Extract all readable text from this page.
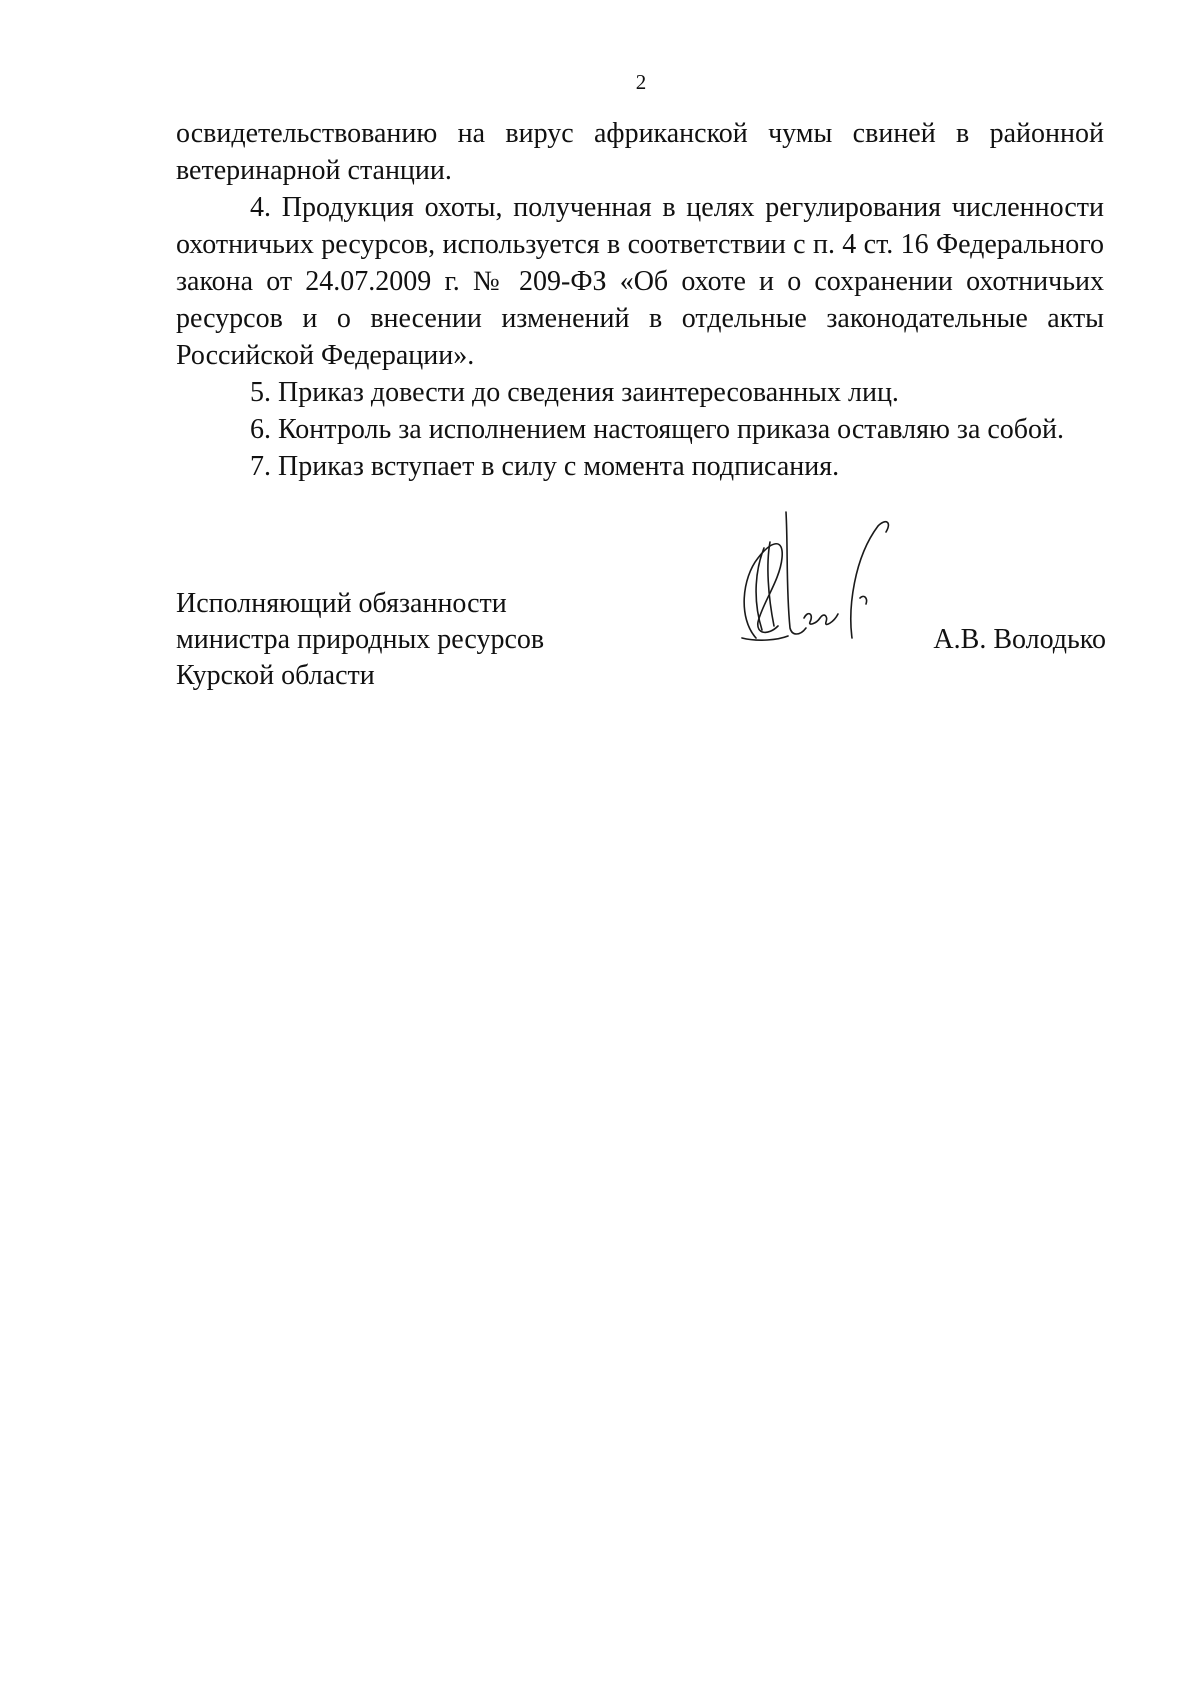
2

освидетельствованию на вирус африканской чумы свиней в районной ветеринарной станции.

4. Продукция охоты, полученная в целях регулирования численности охотничьих ресурсов, используется в соответствии с п. 4 ст. 16 Федерального закона от 24.07.2009 г. № 209-ФЗ «Об охоте и о сохранении охотничьих ресурсов и о внесении изменений в отдельные законодательные акты Российской Федерации».

5. Приказ довести до сведения заинтересованных лиц.

6. Контроль за исполнением настоящего приказа оставляю за собой.

7. Приказ вступает в силу с момента подписания.

Исполняющий обязанности
министра природных ресурсов
Курской области
А.В. Володько
